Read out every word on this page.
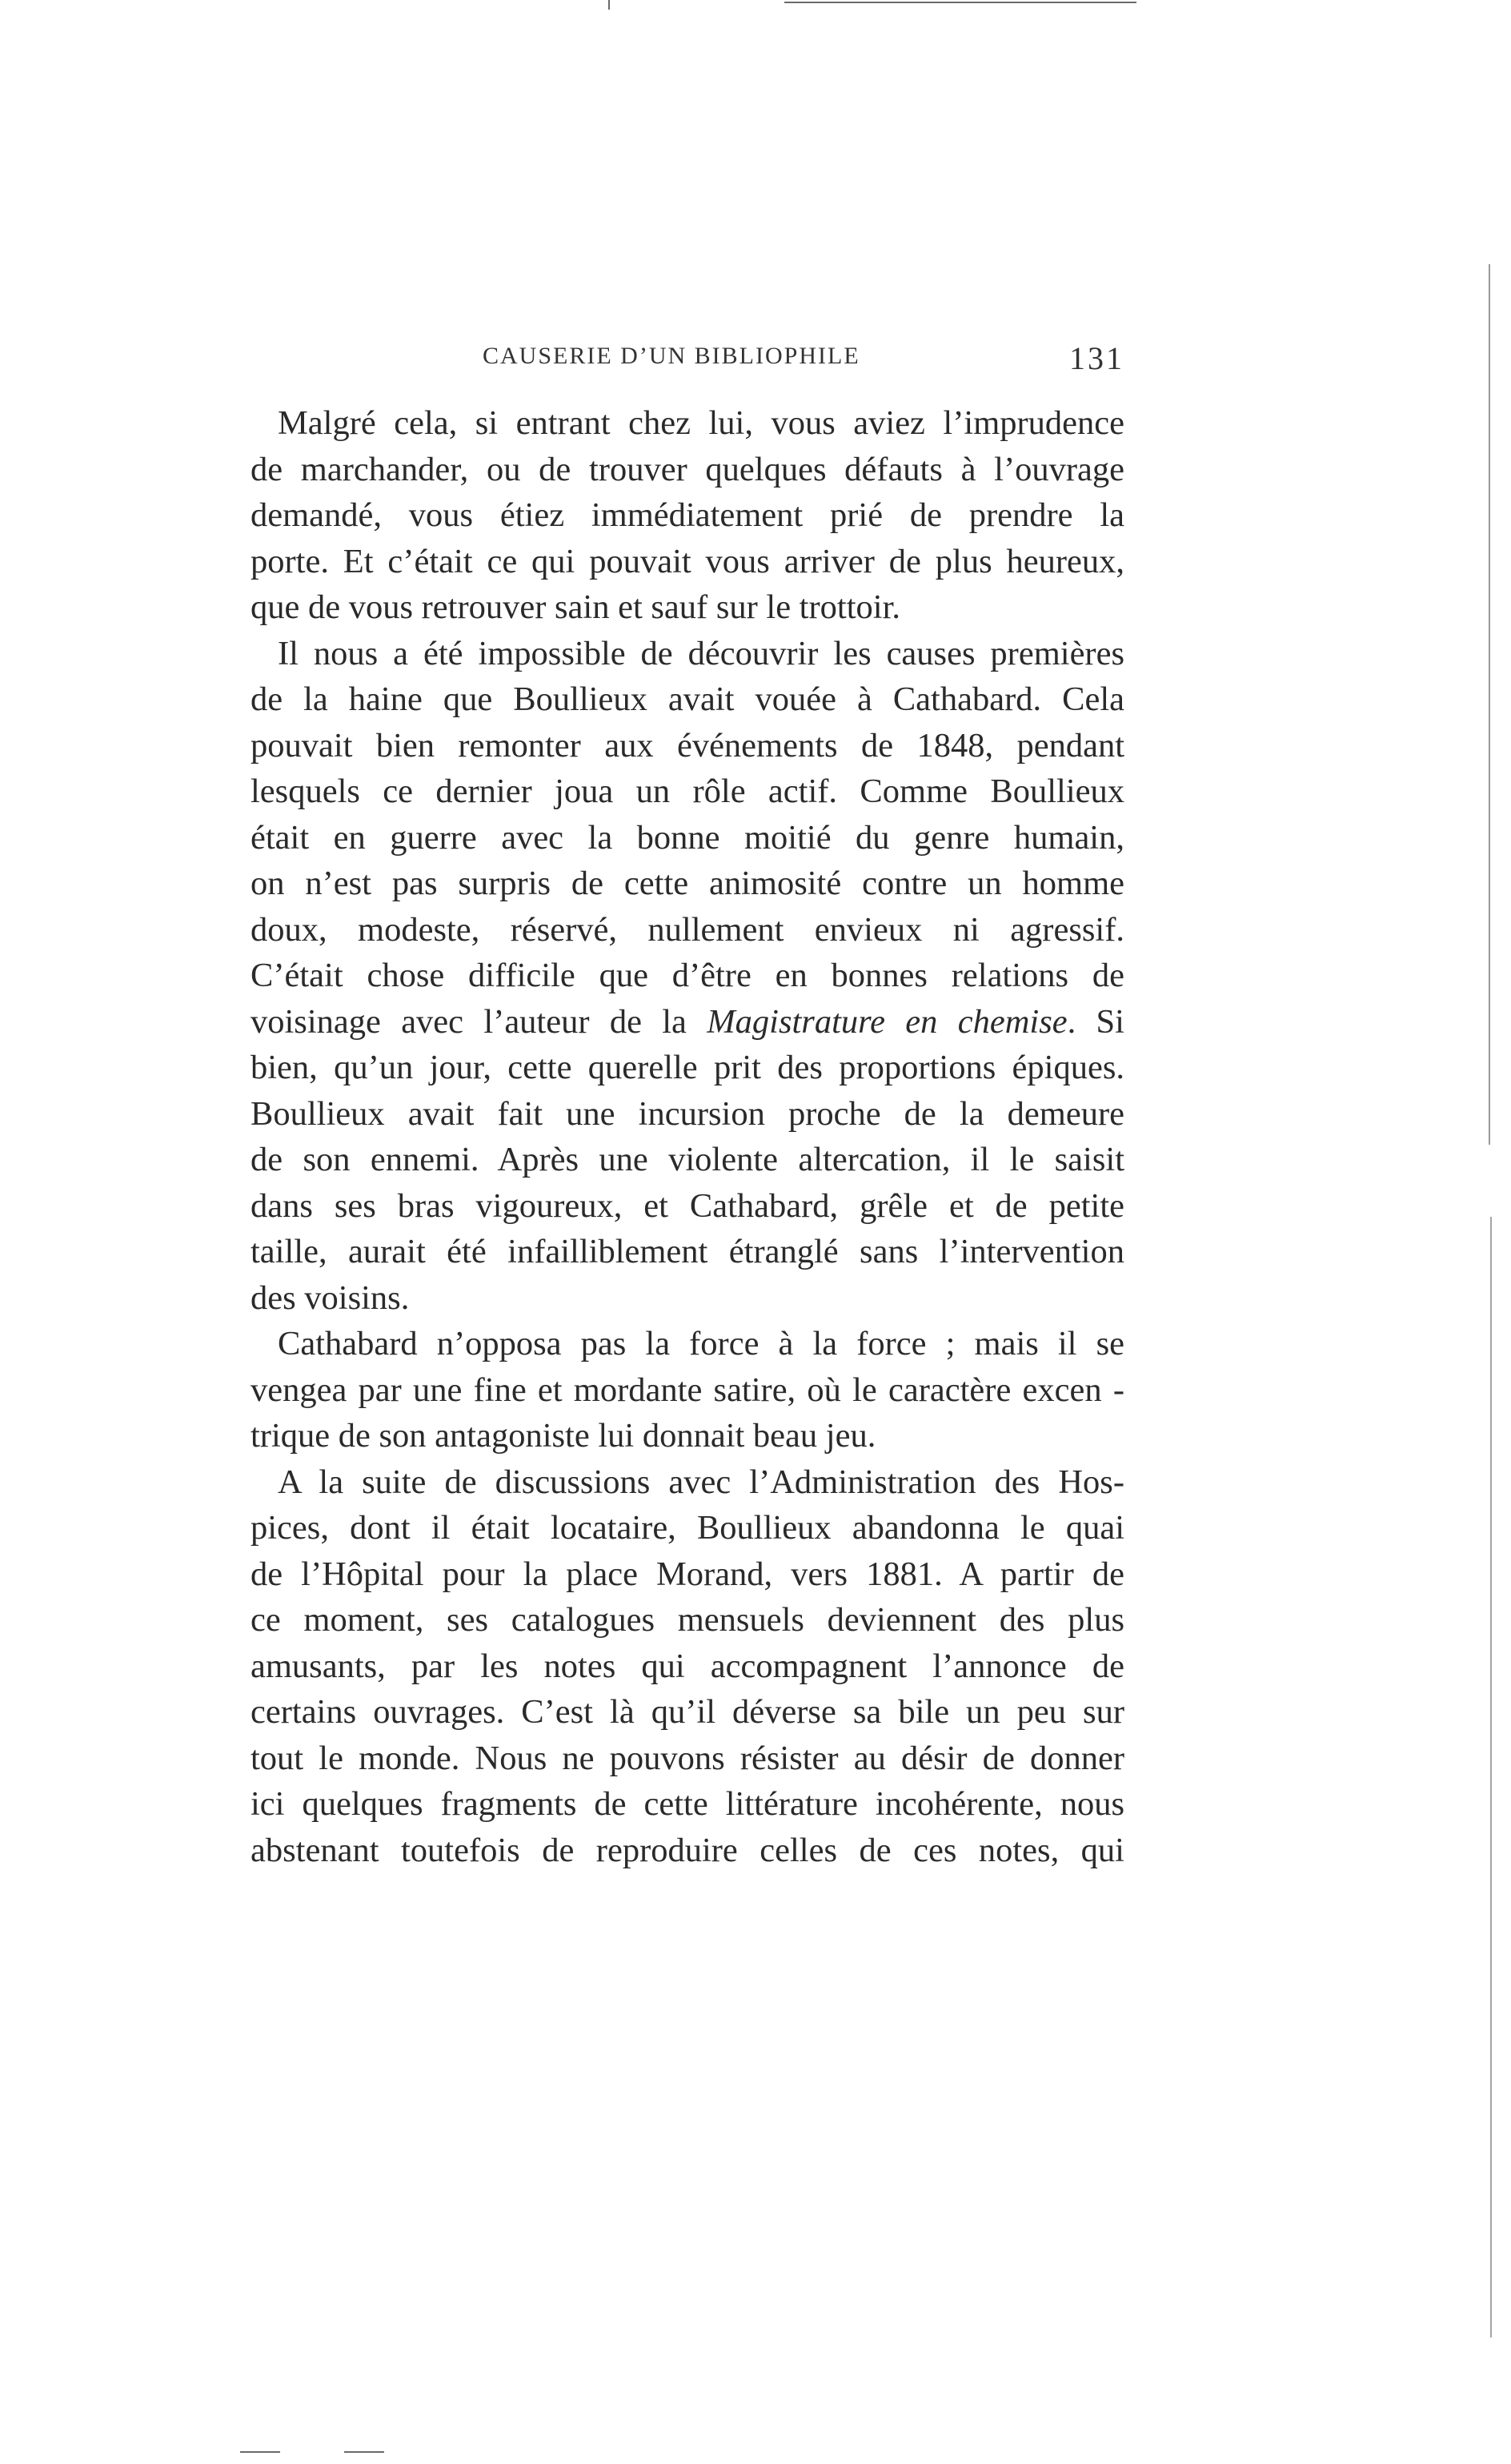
CAUSERIE D’UN BIBLIOPHILE	131

Malgré cela, si entrant chez lui, vous aviez l’imprudence
de marchander, ou de trouver quelques défauts à l’ouvrage
demandé, vous étiez immédiatement prié de prendre la
porte. Et c’était ce qui pouvait vous arriver de plus heureux,
que de vous retrouver sain et sauf sur le trottoir.

Il nous a été impossible de découvrir les causes premières
de la haine que Boullieux avait vouée à Cathabard. Cela
pouvait bien remonter aux événements de 1848, pendant
lesquels ce dernier joua un rôle actif. Comme Boullieux
était en guerre avec la bonne moitié du genre humain,
on n’est pas surpris de cette animosité contre un homme
doux, modeste, réservé, nullement envieux ni agressif.
C’était chose difficile que d’être en bonnes relations de
voisinage avec l’auteur de la Magistrature en chemise. Si
bien, qu’un jour, cette querelle prit des proportions épiques.
Boullieux avait fait une incursion proche de la demeure
de son ennemi. Après une violente altercation, il le saisit
dans ses bras vigoureux, et Cathabard, grêle et de petite
taille, aurait été infailliblement étranglé sans l’intervention
des voisins.

Cathabard n’opposa pas la force à la force ; mais il se
vengea par une fine et mordante satire, où le caractère excen -
trique de son antagoniste lui donnait beau jeu.

A la suite de discussions avec l’Administration des Hos-
pices, dont il était locataire, Boullieux abandonna le quai
de l’Hôpital pour la place Morand, vers 1881. A partir de
ce moment, ses catalogues mensuels deviennent des plus
amusants, par les notes qui accompagnent l’annonce de
certains ouvrages. C’est là qu’il déverse sa bile un peu sur
tout le monde. Nous ne pouvons résister au désir de donner
ici quelques fragments de cette littérature incohérente, nous
abstenant toutefois de reproduire celles de ces notes, qui
